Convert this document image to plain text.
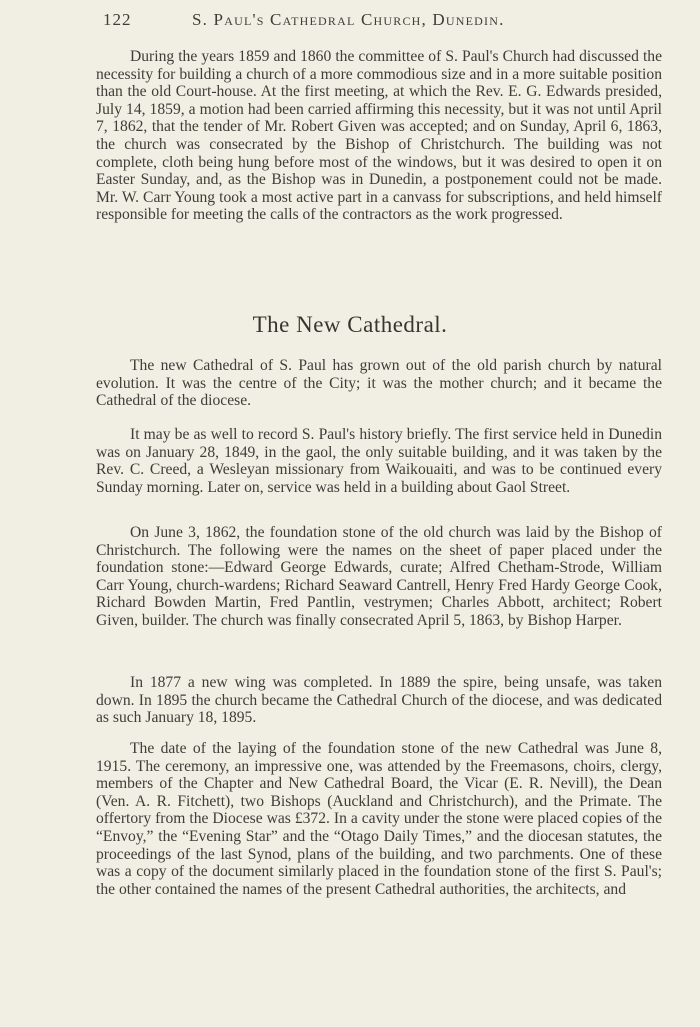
122	S. Paul's Cathedral Church, Dunedin.

During the years 1859 and 1860 the committee of S. Paul's Church had discussed the necessity for building a church of a more commodious size and in a more suitable position than the old Court-house. At the first meeting, at which the Rev. E. G. Edwards presided, July 14, 1859, a motion had been carried affirming this necessity, but it was not until April 7, 1862, that the tender of Mr. Robert Given was accepted; and on Sunday, April 6, 1863, the church was consecrated by the Bishop of Christchurch. The building was not complete, cloth being hung before most of the windows, but it was desired to open it on Easter Sunday, and, as the Bishop was in Dunedin, a postponement could not be made. Mr. W. Carr Young took a most active part in a canvass for subscriptions, and held himself responsible for meeting the calls of the contractors as the work progressed.

The New Cathedral.

The new Cathedral of S. Paul has grown out of the old parish church by natural evolution. It was the centre of the City; it was the mother church; and it became the Cathedral of the diocese.

It may be as well to record S. Paul's history briefly. The first service held in Dunedin was on January 28, 1849, in the gaol, the only suitable building, and it was taken by the Rev. C. Creed, a Wesleyan missionary from Waikouaiti, and was to be continued every Sunday morning. Later on, service was held in a building about Gaol Street.

On June 3, 1862, the foundation stone of the old church was laid by the Bishop of Christchurch. The following were the names on the sheet of paper placed under the foundation stone:—Edward George Edwards, curate; Alfred Chetham-Strode, William Carr Young, church-wardens; Richard Seaward Cantrell, Henry Fred Hardy George Cook, Richard Bowden Martin, Fred Pantlin, vestrymen; Charles Abbott, architect; Robert Given, builder. The church was finally consecrated April 5, 1863, by Bishop Harper.

In 1877 a new wing was completed. In 1889 the spire, being unsafe, was taken down. In 1895 the church became the Cathedral Church of the diocese, and was dedicated as such January 18, 1895.

The date of the laying of the foundation stone of the new Cathedral was June 8, 1915. The ceremony, an impressive one, was attended by the Freemasons, choirs, clergy, members of the Chapter and New Cathedral Board, the Vicar (E. R. Nevill), the Dean (Ven. A. R. Fitchett), two Bishops (Auckland and Christchurch), and the Primate. The offertory from the Diocese was £372. In a cavity under the stone were placed copies of the “Envoy,” the “Evening Star” and the “Otago Daily Times,” and the diocesan statutes, the proceedings of the last Synod, plans of the building, and two parchments. One of these was a copy of the document similarly placed in the foundation stone of the first S. Paul's; the other contained the names of the present Cathedral authorities, the architects, and
